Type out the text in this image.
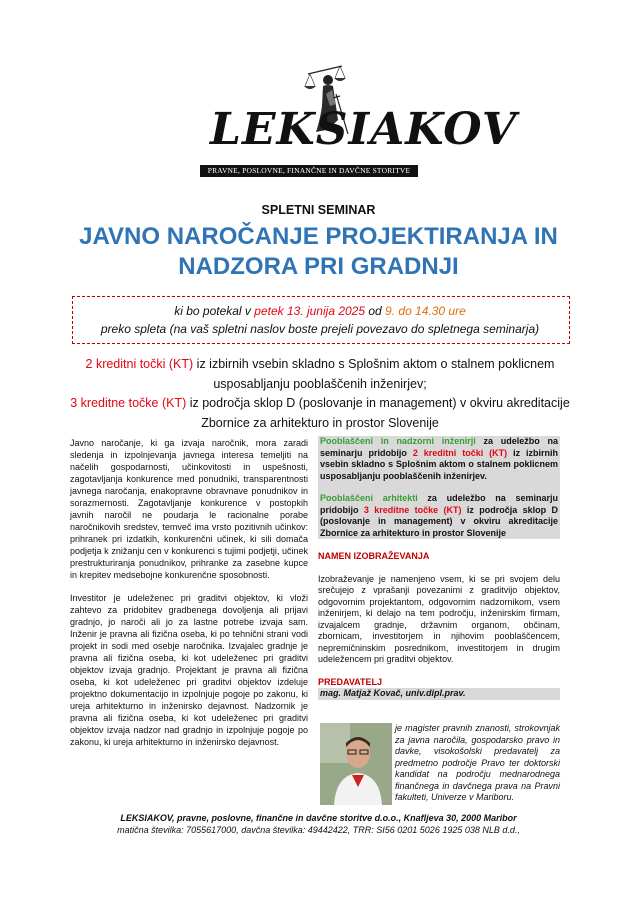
LEKSIAKOV
PRAVNE, POSLOVNE, FINANČNE IN DAVČNE STORITVE
SPLETNI SEMINAR
JAVNO NAROČANJE PROJEKTIRANJA IN NADZORA PRI GRADNJI
ki bo potekal v petek 13. junija 2025 od 9. do 14.30 ure
preko spleta (na vaš spletni naslov boste prejeli povezavo do spletnega seminarja)
2 kreditni točki (KT) iz izbirnih vsebin skladno s Splošnim aktom o stalnem poklicnem usposabljanju pooblaščenih inženirjev;
3 kreditne točke (KT) iz področja sklop D (poslovanje in management) v okviru akreditacije Zbornice za arhitekturo in prostor Slovenije

Javno naročanje, ki ga izvaja naročnik, mora zaradi sledenja in izpolnjevanja javnega interesa temeljiti na načelih gospodarnosti, učinkovitosti in uspešnosti, zagotavljanja konkurence med ponudniki, transparentnosti javnega naročanja, enakopravne obravnave ponudnikov in sorazmernosti. Zagotavljanje konkurence v postopkih javnih naročil ne poudarja le racionalne porabe naročnikovih sredstev, temveč ima vrsto pozitivnih učinkov: prihranek pri izdatkih, konkurenčni učinek, ki sili domača podjetja k znižanju cen v konkurenci s tujimi podjetji, učinek prestrukturiranja ponudnikov, prihranke za zasebne kupce in krepitev medsebojne konkurenčne sposobnosti.

Investitor je udeleženec pri graditvi objektov, ki vloži zahtevo za pridobitev gradbenega dovoljenja ali prijavi gradnjo, jo naroči ali jo za lastne potrebe izvaja sam. Inženir je pravna ali fizična oseba, ki po tehnični strani vodi projekt in sodi med osebje naročnika. Izvajalec gradnje je pravna ali fizična oseba, ki kot udeleženec pri graditvi objektov izvaja gradnjo. Projektant je pravna ali fizična oseba, ki kot udeleženec pri graditvi objektov izdeluje projektno dokumentacijo in izpolnjuje pogoje po zakonu, ki ureja arhitekturno in inženirsko dejavnost. Nadzornik je pravna ali fizična oseba, ki kot udeleženec pri graditvi objektov izvaja nadzor nad gradnjo in izpolnjuje pogoje po zakonu, ki ureja arhitekturno in inženirsko dejavnost.

Pooblaščeni in nadzorni inženirji za udeležbo na seminarju pridobijo 2 kreditni točki (KT) iz izbirnih vsebin skladno s Splošnim aktom o stalnem poklicnem usposabljanju pooblaščenih inženirjev.

Pooblaščeni arhitekti za udeležbo na seminarju pridobijo 3 kreditne točke (KT) iz področja sklop D (poslovanje in management) v okviru akreditacije Zbornice za arhitekturo in prostor Slovenije

NAMEN IZOBRAŽEVANJA

Izobraževanje je namenjeno vsem, ki se pri svojem delu srečujejo z vprašanji povezanimi z graditvijo objektov, odgovornim projektantom, odgovornim nadzornikom, vsem inženirjem, ki delajo na tem področju, inženirskim firmam, izvajalcem gradnje, državnim organom, občinam, zbornicam, investitorjem in njihovim pooblaščencem, nepremičninskim posrednikom, investitorjem in drugim udeležencem pri graditvi objektov.

PREDAVATELJ

mag. Matjaž Kovač, univ.dipl.prav.

je magister pravnih znanosti, strokovnjak za javna naročila, gospodarsko pravo in davke, visokošolski predavatelj za predmetno področje Pravo ter doktorski kandidat na področju mednarodnega finančnega in davčnega prava na Pravni fakulteti, Univerze v Mariboru.
LEKSIAKOV, pravne, poslovne, finančne in davčne storitve d.o.o., Knafljeva 30, 2000 Maribor
matična številka: 7055617000, davčna številka: 49442422, TRR: SI56 0201 5026 1925 038 NLB d.d.,
